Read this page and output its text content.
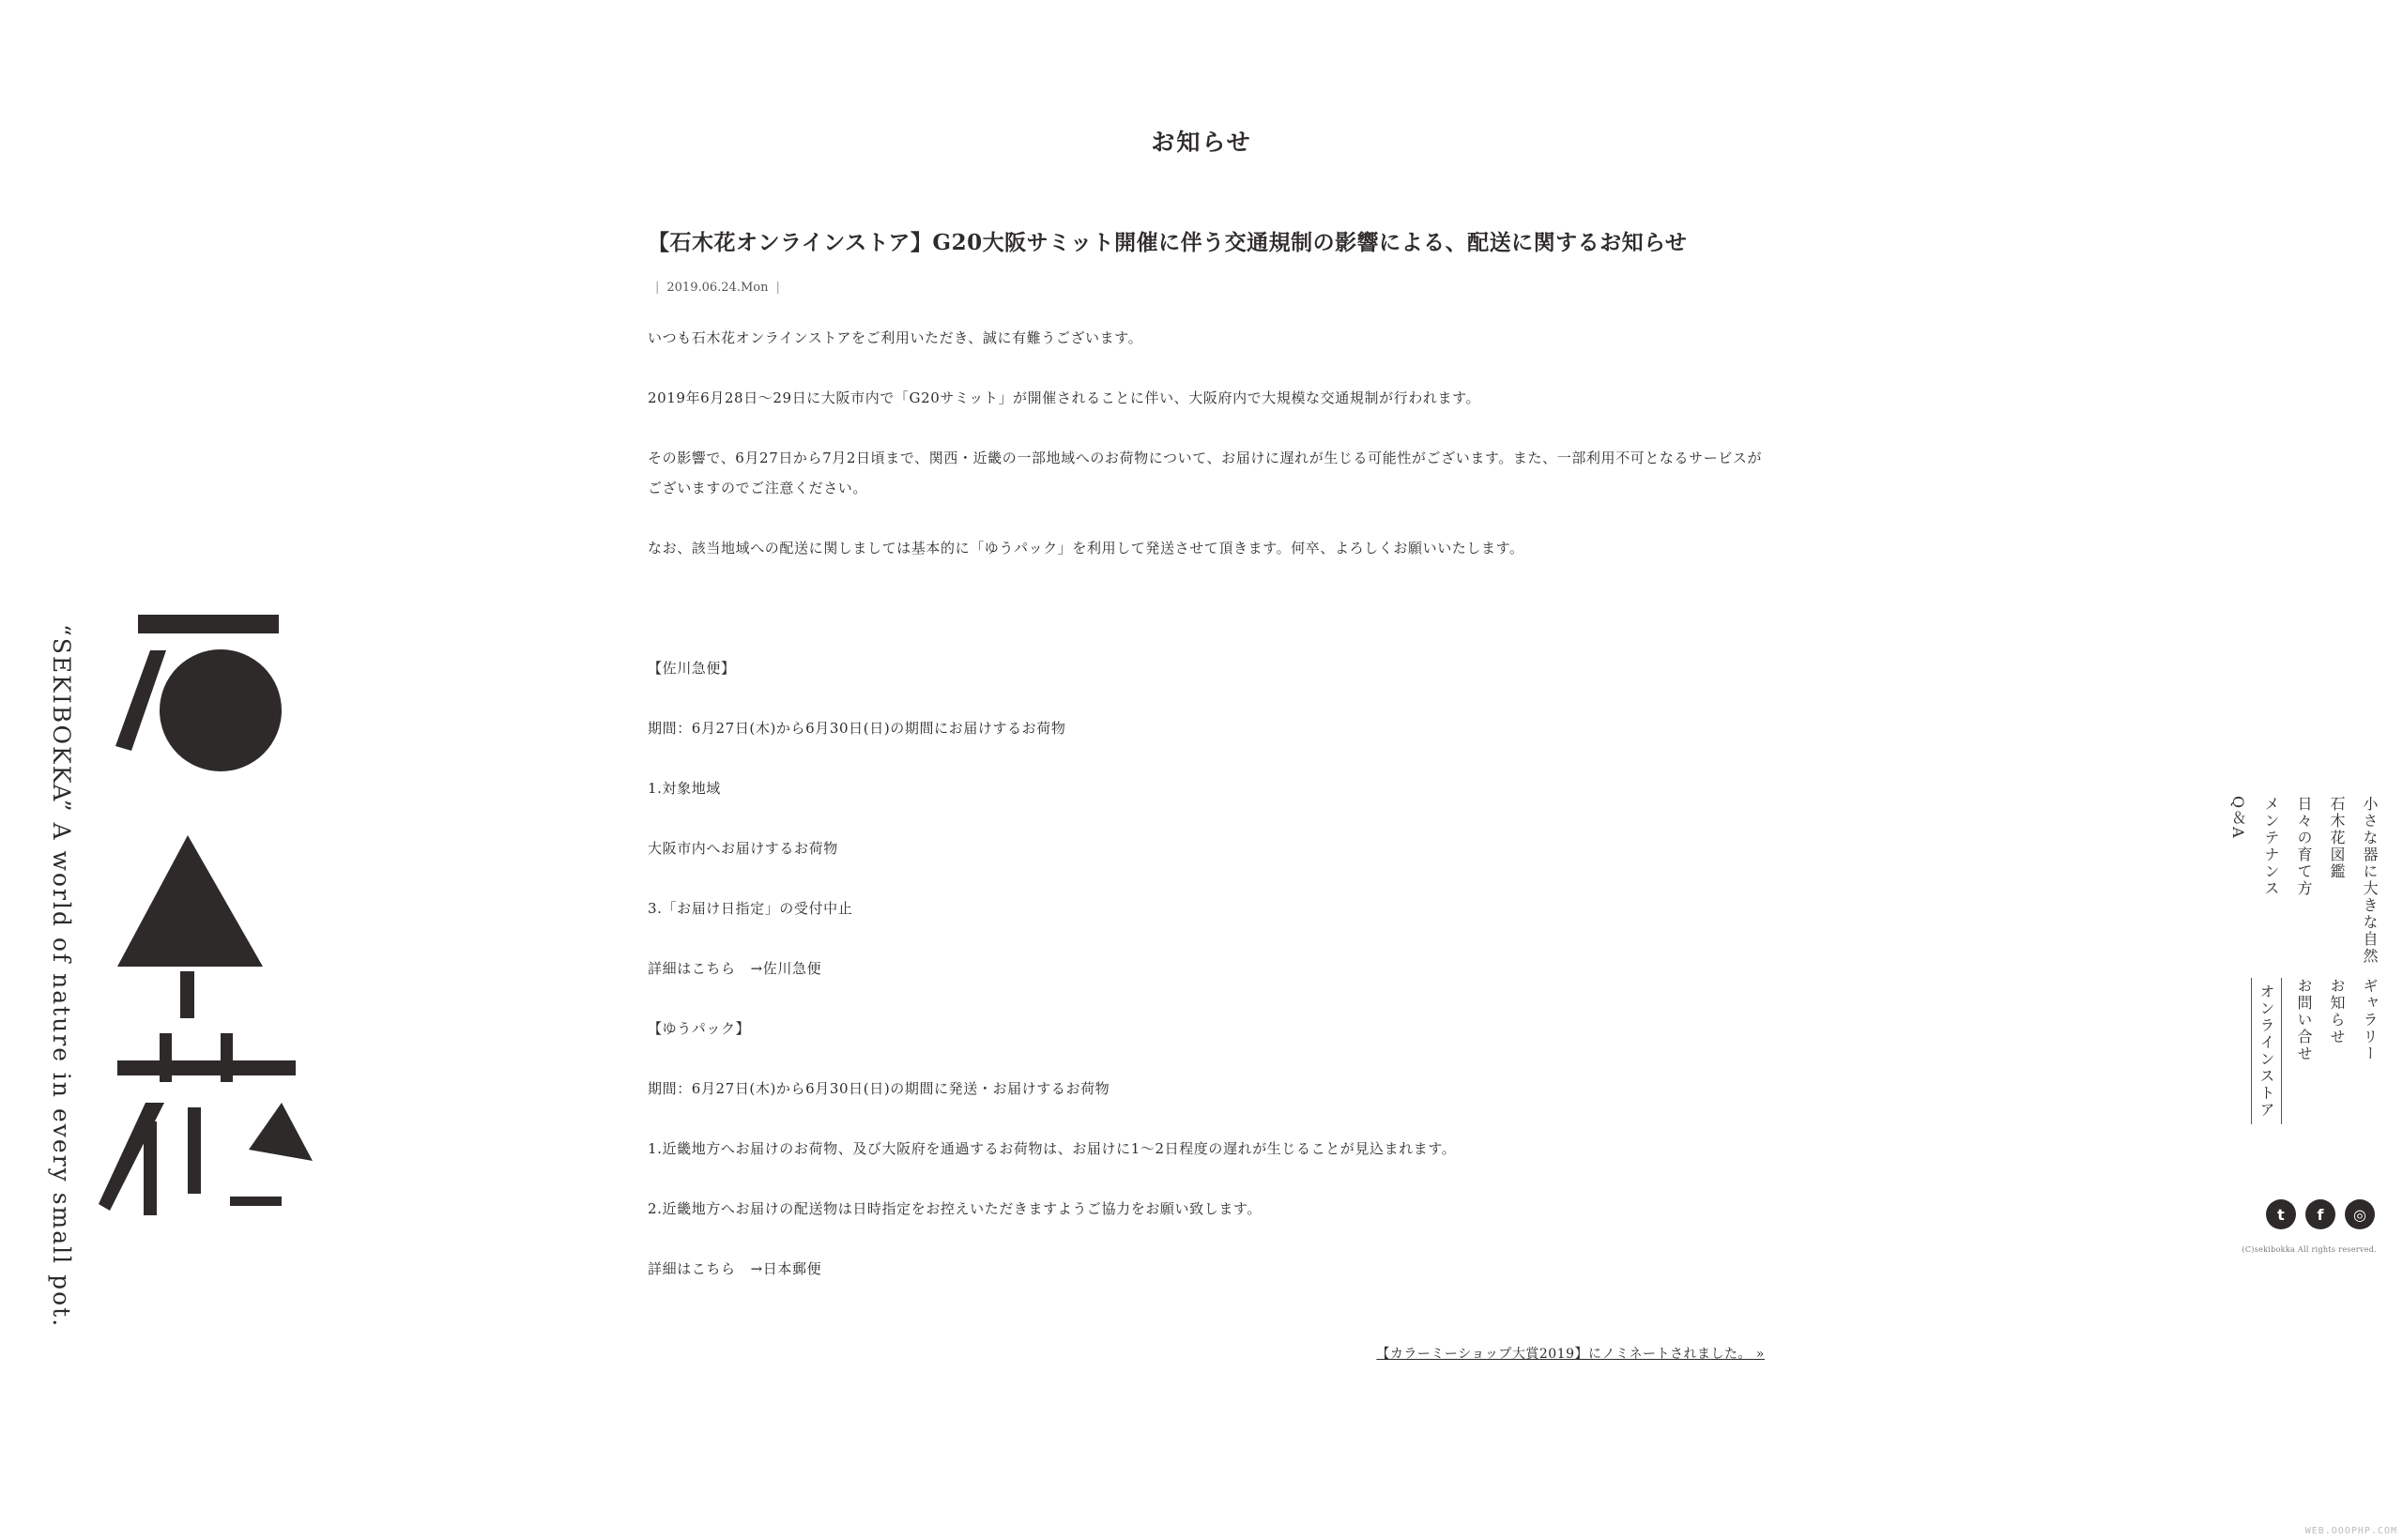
“SEKIBOKKA” A world of nature in every small pot.
お知らせ
【石木花オンラインストア】G20大阪サミット開催に伴う交通規制の影響による、配送に関するお知らせ
| 2019.06.24.Mon |

いつも石木花オンラインストアをご利用いただき、誠に有難うございます。

2019年6月28日～29日に大阪市内で「G20サミット」が開催されることに伴い、大阪府内で大規模な交通規制が行われます。

その影響で、6月27日から7月2日頃まで、関西・近畿の一部地域へのお荷物について、お届けに遅れが生じる可能性がございます。また、一部利用不可となるサービスがございますのでご注意ください。

なお、該当地域への配送に関しましては基本的に「ゆうパック」を利用して発送させて頂きます。何卒、よろしくお願いいたします。

【佐川急便】

期間：6月27日(木)から6月30日(日)の期間にお届けするお荷物

1.対象地域

大阪市内へお届けするお荷物

3.「お届け日指定」の受付中止

詳細はこちら →佐川急便

【ゆうパック】

期間：6月27日(木)から6月30日(日)の期間に発送・お届けするお荷物

1.近畿地方へお届けのお荷物、及び大阪府を通過するお荷物は、お届けに1～2日程度の遅れが生じることが見込まれます。

2.近畿地方へお届けの配送物は日時指定をお控えいただきますようご協力をお願い致します。

詳細はこちら →日本郵便

【カラーミーショップ大賞2019】にノミネートされました。 »
小さな器に大きな自然
石木花図鑑
日々の育て方
メンテナンス
Q＆A
ギャラリー
お知らせ
お問い合せ
オンラインストア
t	f	◎
(C)sekibokka All rights reserved.
WEB.OOOPHP.COM
